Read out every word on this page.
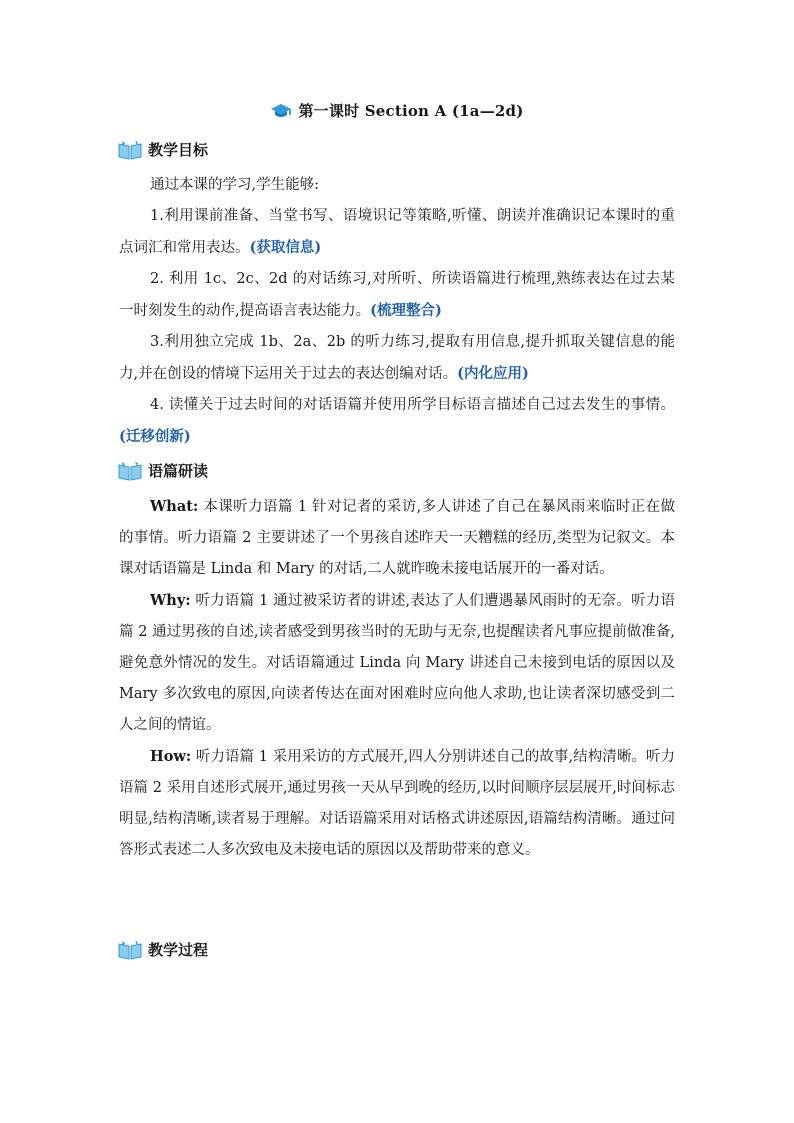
第一课时 Section A (1a—2d)
教学目标

通过本课的学习,学生能够:

1.利用课前准备、当堂书写、语境识记等策略,听懂、朗读并准确识记本课时的重点词汇和常用表达。(获取信息)

2. 利用 1c、2c、2d 的对话练习,对所听、所读语篇进行梳理,熟练表达在过去某一时刻发生的动作,提高语言表达能力。(梳理整合)

3.利用独立完成 1b、2a、2b 的听力练习,提取有用信息,提升抓取关键信息的能力,并在创设的情境下运用关于过去的表达创编对话。(内化应用)

4. 读懂关于过去时间的对话语篇并使用所学目标语言描述自己过去发生的事情。(迁移创新)

语篇研读

What: 本课听力语篇 1 针对记者的采访,多人讲述了自己在暴风雨来临时正在做的事情。听力语篇 2 主要讲述了一个男孩自述昨天一天糟糕的经历,类型为记叙文。本课对话语篇是 Linda 和 Mary 的对话,二人就昨晚未接电话展开的一番对话。

Why: 听力语篇 1 通过被采访者的讲述,表达了人们遭遇暴风雨时的无奈。听力语篇 2 通过男孩的自述,读者感受到男孩当时的无助与无奈,也提醒读者凡事应提前做准备,避免意外情况的发生。对话语篇通过 Linda 向 Mary 讲述自己未接到电话的原因以及 Mary 多次致电的原因,向读者传达在面对困难时应向他人求助,也让读者深切感受到二人之间的情谊。

How: 听力语篇 1 采用采访的方式展开,四人分别讲述自己的故事,结构清晰。听力语篇 2 采用自述形式展开,通过男孩一天从早到晚的经历,以时间顺序层层展开,时间标志明显,结构清晰,读者易于理解。对话语篇采用对话格式讲述原因,语篇结构清晰。通过问答形式表述二人多次致电及未接电话的原因以及帮助带来的意义。

教学过程
